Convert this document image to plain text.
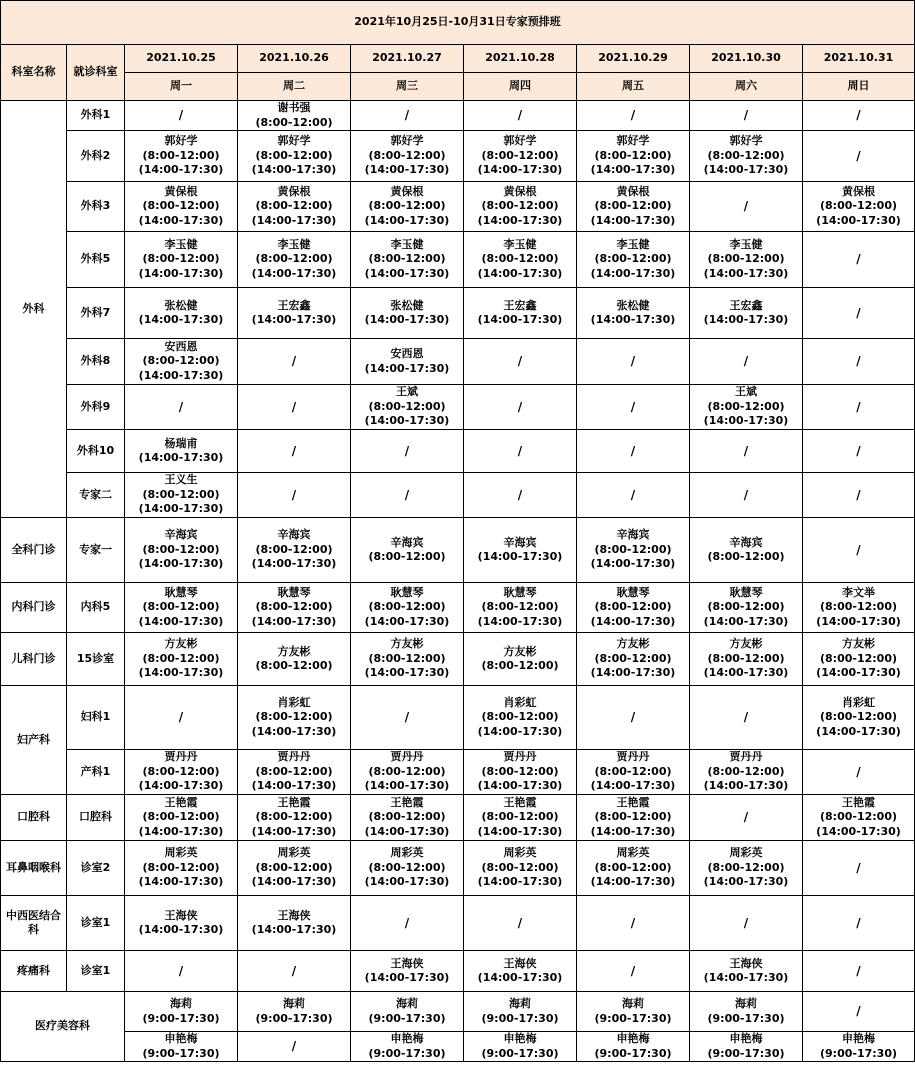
2021年10月25日-10月31日专家预排班								
科室名称	就诊科室	2021.10.25	2021.10.26	2021.10.27	2021.10.28	2021.10.29	2021.10.30	2021.10.31
		周一	周二	周三	周四	周五	周六	周日
外科	外科1	/	谢书强
(8:00-12:00)	/	/	/	/	/

	外科2	郭好学
(8:00-12:00)
(14:00-17:30)	郭好学
(8:00-12:00)
(14:00-17:30)	郭好学
(8:00-12:00)
(14:00-17:30)	郭好学
(8:00-12:00)
(14:00-17:30)	郭好学
(8:00-12:00)
(14:00-17:30)	郭好学
(8:00-12:00)
(14:00-17:30)	/

	外科3	黄保根
(8:00-12:00)
(14:00-17:30)	黄保根
(8:00-12:00)
(14:00-17:30)	黄保根
(8:00-12:00)
(14:00-17:30)	黄保根
(8:00-12:00)
(14:00-17:30)	黄保根
(8:00-12:00)
(14:00-17:30)	/	黄保根
(8:00-12:00)
(14:00-17:30)

	外科5	李玉健
(8:00-12:00)
(14:00-17:30)	李玉健
(8:00-12:00)
(14:00-17:30)	李玉健
(8:00-12:00)
(14:00-17:30)	李玉健
(8:00-12:00)
(14:00-17:30)	李玉健
(8:00-12:00)
(14:00-17:30)	李玉健
(8:00-12:00)
(14:00-17:30)	/

	外科7	张松健
(14:00-17:30)	王宏鑫
(14:00-17:30)	张松健
(14:00-17:30)	王宏鑫
(14:00-17:30)	张松健
(14:00-17:30)	王宏鑫
(14:00-17:30)	/

	外科8	安西恩
(8:00-12:00)
(14:00-17:30)	/	安西恩
(14:00-17:30)	/	/	/	/

	外科9	/	/	王斌
(8:00-12:00)
(14:00-17:30)	/	/	王斌
(8:00-12:00)
(14:00-17:30)	/

	外科10	杨瑞甫
(14:00-17:30)	/	/	/	/	/	/

	专家二	王义生
(8:00-12:00)
(14:00-17:30)	/	/	/	/	/	/

全科门诊	专家一	辛海宾
(8:00-12:00)
(14:00-17:30)	辛海宾
(8:00-12:00)
(14:00-17:30)	辛海宾
(8:00-12:00)	辛海宾
(14:00-17:30)	辛海宾
(8:00-12:00)
(14:00-17:30)	辛海宾
(8:00-12:00)	/

内科门诊	内科5	耿慧琴
(8:00-12:00)
(14:00-17:30)	耿慧琴
(8:00-12:00)
(14:00-17:30)	耿慧琴
(8:00-12:00)
(14:00-17:30)	耿慧琴
(8:00-12:00)
(14:00-17:30)	耿慧琴
(8:00-12:00)
(14:00-17:30)	耿慧琴
(8:00-12:00)
(14:00-17:30)	李文举
(8:00-12:00)
(14:00-17:30)

儿科门诊	15诊室	方友彬
(8:00-12:00)
(14:00-17:30)	方友彬
(8:00-12:00)	方友彬
(8:00-12:00)
(14:00-17:30)	方友彬
(8:00-12:00)	方友彬
(8:00-12:00)
(14:00-17:30)	方友彬
(8:00-12:00)
(14:00-17:30)	方友彬
(8:00-12:00)
(14:00-17:30)

妇产科	妇科1	/	肖彩虹
(8:00-12:00)
(14:00-17:30)	/	肖彩虹
(8:00-12:00)
(14:00-17:30)	/	/	肖彩虹
(8:00-12:00)
(14:00-17:30)

	产科1	贾丹丹
(8:00-12:00)
(14:00-17:30)	贾丹丹
(8:00-12:00)
(14:00-17:30)	贾丹丹
(8:00-12:00)
(14:00-17:30)	贾丹丹
(8:00-12:00)
(14:00-17:30)	贾丹丹
(8:00-12:00)
(14:00-17:30)	贾丹丹
(8:00-12:00)
(14:00-17:30)	/

口腔科	口腔科	王艳霞
(8:00-12:00)
(14:00-17:30)	王艳霞
(8:00-12:00)
(14:00-17:30)	王艳霞
(8:00-12:00)
(14:00-17:30)	王艳霞
(8:00-12:00)
(14:00-17:30)	王艳霞
(8:00-12:00)
(14:00-17:30)	/	王艳霞
(8:00-12:00)
(14:00-17:30)

耳鼻咽喉科	诊室2	周彩英
(8:00-12:00)
(14:00-17:30)	周彩英
(8:00-12:00)
(14:00-17:30)	周彩英
(8:00-12:00)
(14:00-17:30)	周彩英
(8:00-12:00)
(14:00-17:30)	周彩英
(8:00-12:00)
(14:00-17:30)	周彩英
(8:00-12:00)
(14:00-17:30)	/

中西医结合科	诊室1	王海侠
(14:00-17:30)	王海侠
(14:00-17:30)	/	/	/	/	/

疼痛科	诊室1	/	/	王海侠
(14:00-17:30)	王海侠
(14:00-17:30)	/	王海侠
(14:00-17:30)	/

医疗美容科		海莉
(9:00-17:30)	海莉
(9:00-17:30)	海莉
(9:00-17:30)	海莉
(9:00-17:30)	海莉
(9:00-17:30)	海莉
(9:00-17:30)	/

		申艳梅
(9:00-17:30)	/	申艳梅
(9:00-17:30)	申艳梅
(9:00-17:30)	申艳梅
(9:00-17:30)	申艳梅
(9:00-17:30)	申艳梅
(9:00-17:30)
